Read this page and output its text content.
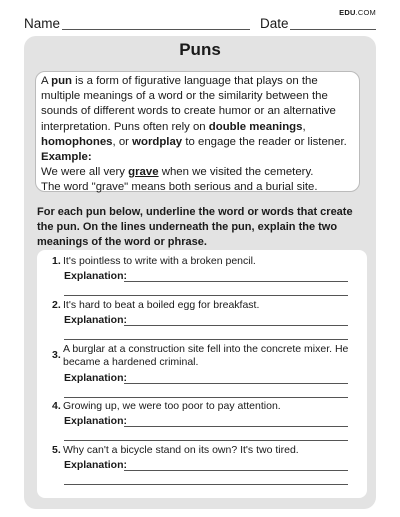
Name	Date
EDU.COM
Puns

A pun is a form of figurative language that plays on the multiple meanings of a word or the similarity between the sounds of different words to create humor or an alternative interpretation. Puns often rely on double meanings, homophones, or wordplay to engage the reader or listener.

Example:

We were all very grave when we visited the cemetery.

The word "grave" means both serious and a burial site.

For each pun below, underline the word or words that create the pun. On the lines underneath the pun, explain the two meanings of the word or phrase.
1. It's pointless to write with a broken pencil.
Explanation:
2. It's hard to beat a boiled egg for breakfast.
Explanation:
3. A burglar at a construction site fell into the concrete mixer. He became a hardened criminal.
Explanation:
4. Growing up, we were too poor to pay attention.
Explanation:
5. Why can't a bicycle stand on its own? It's two tired.
Explanation:
